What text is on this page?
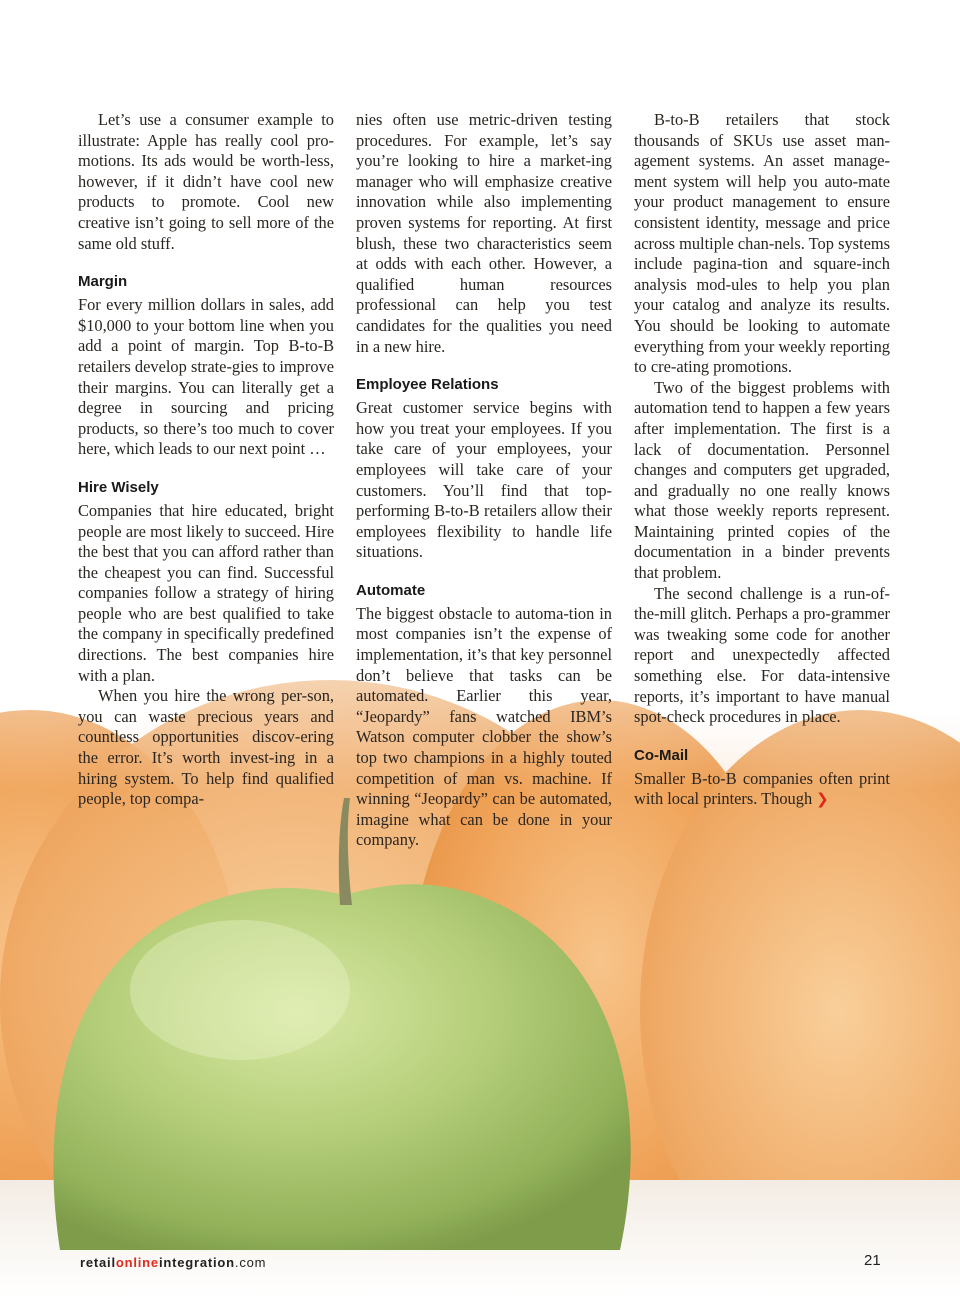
Let’s use a consumer example to illustrate: Apple has really cool pro-motions. Its ads would be worth-less, however, if it didn’t have cool new products to promote. Cool new creative isn’t going to sell more of the same old stuff.

Margin

For every million dollars in sales, add $10,000 to your bottom line when you add a point of margin. Top B-to-B retailers develop strate-gies to improve their margins. You can literally get a degree in sourcing and pricing products, so there’s too much to cover here, which leads to our next point …

Hire Wisely

Companies that hire educated, bright people are most likely to succeed. Hire the best that you can afford rather than the cheapest you can find. Successful companies follow a strategy of hiring people who are best qualified to take the company in specifically predefined directions. The best companies hire with a plan.

When you hire the wrong per-son, you can waste precious years and countless opportunities discov-ering the error. It’s worth invest-ing in a hiring system. To help find qualified people, top compa-

nies often use metric-driven testing procedures. For example, let’s say you’re looking to hire a market-ing manager who will emphasize creative innovation while also implementing proven systems for reporting. At first blush, these two characteristics seem at odds with each other. However, a qualified human resources professional can help you test candidates for the qualities you need in a new hire.

Employee Relations

Great customer service begins with how you treat your employees. If you take care of your employees, your employees will take care of your customers. You’ll find that top-performing B-to-B retailers allow their employees flexibility to handle life situations.

Automate

The biggest obstacle to automa-tion in most companies isn’t the expense of implementation, it’s that key personnel don’t believe that tasks can be automated. Earlier this year, “Jeopardy” fans watched IBM’s Watson computer clobber the show’s top two champions in a highly touted competition of man vs. machine. If winning “Jeopardy” can be automated, imagine what can be done in your company.

B-to-B retailers that stock thousands of SKUs use asset man-agement systems. An asset manage-ment system will help you auto-mate your product management to ensure consistent identity, message and price across multiple chan-nels. Top systems include pagina-tion and square-inch analysis mod-ules to help you plan your catalog and analyze its results. You should be looking to automate everything from your weekly reporting to cre-ating promotions.

Two of the biggest problems with automation tend to happen a few years after implementation. The first is a lack of documentation. Personnel changes and computers get upgraded, and gradually no one really knows what those weekly reports represent. Maintaining printed copies of the documentation in a binder prevents that problem.

The second challenge is a run-of-the-mill glitch. Perhaps a pro-grammer was tweaking some code for another report and unexpectedly affected something else. For data-intensive reports, it’s important to have manual spot-check procedures in place.

Co-Mail

Smaller B-to-B companies often print with local printers. Though ❯

retailonlineintegration.com	21
